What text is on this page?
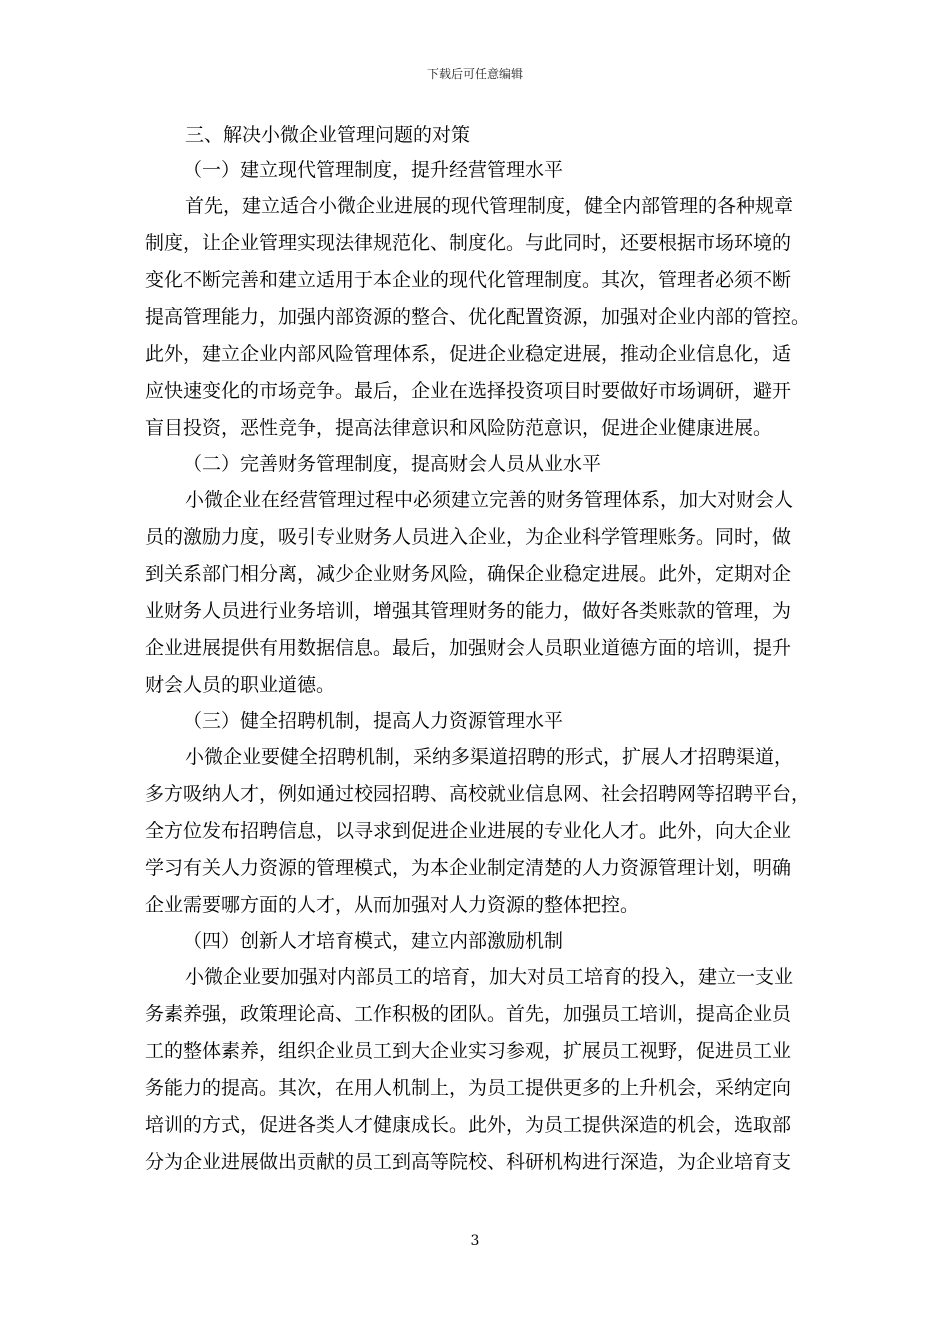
下载后可任意编辑
三、解决小微企业管理问题的对策
（一）建立现代管理制度，提升经营管理水平
首先，建立适合小微企业进展的现代管理制度，健全内部管理的各种规章
制度，让企业管理实现法律规范化、制度化。与此同时，还要根据市场环境的
变化不断完善和建立适用于本企业的现代化管理制度。其次，管理者必须不断
提高管理能力，加强内部资源的整合、优化配置资源，加强对企业内部的管控。
此外，建立企业内部风险管理体系，促进企业稳定进展，推动企业信息化，适
应快速变化的市场竞争。最后，企业在选择投资项目时要做好市场调研，避开
盲目投资，恶性竞争，提高法律意识和风险防范意识，促进企业健康进展。
（二）完善财务管理制度，提高财会人员从业水平
小微企业在经营管理过程中必须建立完善的财务管理体系，加大对财会人
员的激励力度，吸引专业财务人员进入企业，为企业科学管理账务。同时，做
到关系部门相分离，减少企业财务风险，确保企业稳定进展。此外，定期对企
业财务人员进行业务培训，增强其管理财务的能力，做好各类账款的管理，为
企业进展提供有用数据信息。最后，加强财会人员职业道德方面的培训，提升
财会人员的职业道德。
（三）健全招聘机制，提高人力资源管理水平
小微企业要健全招聘机制，采纳多渠道招聘的形式，扩展人才招聘渠道，
多方吸纳人才，例如通过校园招聘、高校就业信息网、社会招聘网等招聘平台，
全方位发布招聘信息，以寻求到促进企业进展的专业化人才。此外，向大企业
学习有关人力资源的管理模式，为本企业制定清楚的人力资源管理计划，明确
企业需要哪方面的人才，从而加强对人力资源的整体把控。
（四）创新人才培育模式，建立内部激励机制
小微企业要加强对内部员工的培育，加大对员工培育的投入，建立一支业
务素养强，政策理论高、工作积极的团队。首先，加强员工培训，提高企业员
工的整体素养，组织企业员工到大企业实习参观，扩展员工视野，促进员工业
务能力的提高。其次，在用人机制上，为员工提供更多的上升机会，采纳定向
培训的方式，促进各类人才健康成长。此外，为员工提供深造的机会，选取部
分为企业进展做出贡献的员工到高等院校、科研机构进行深造，为企业培育支
3
